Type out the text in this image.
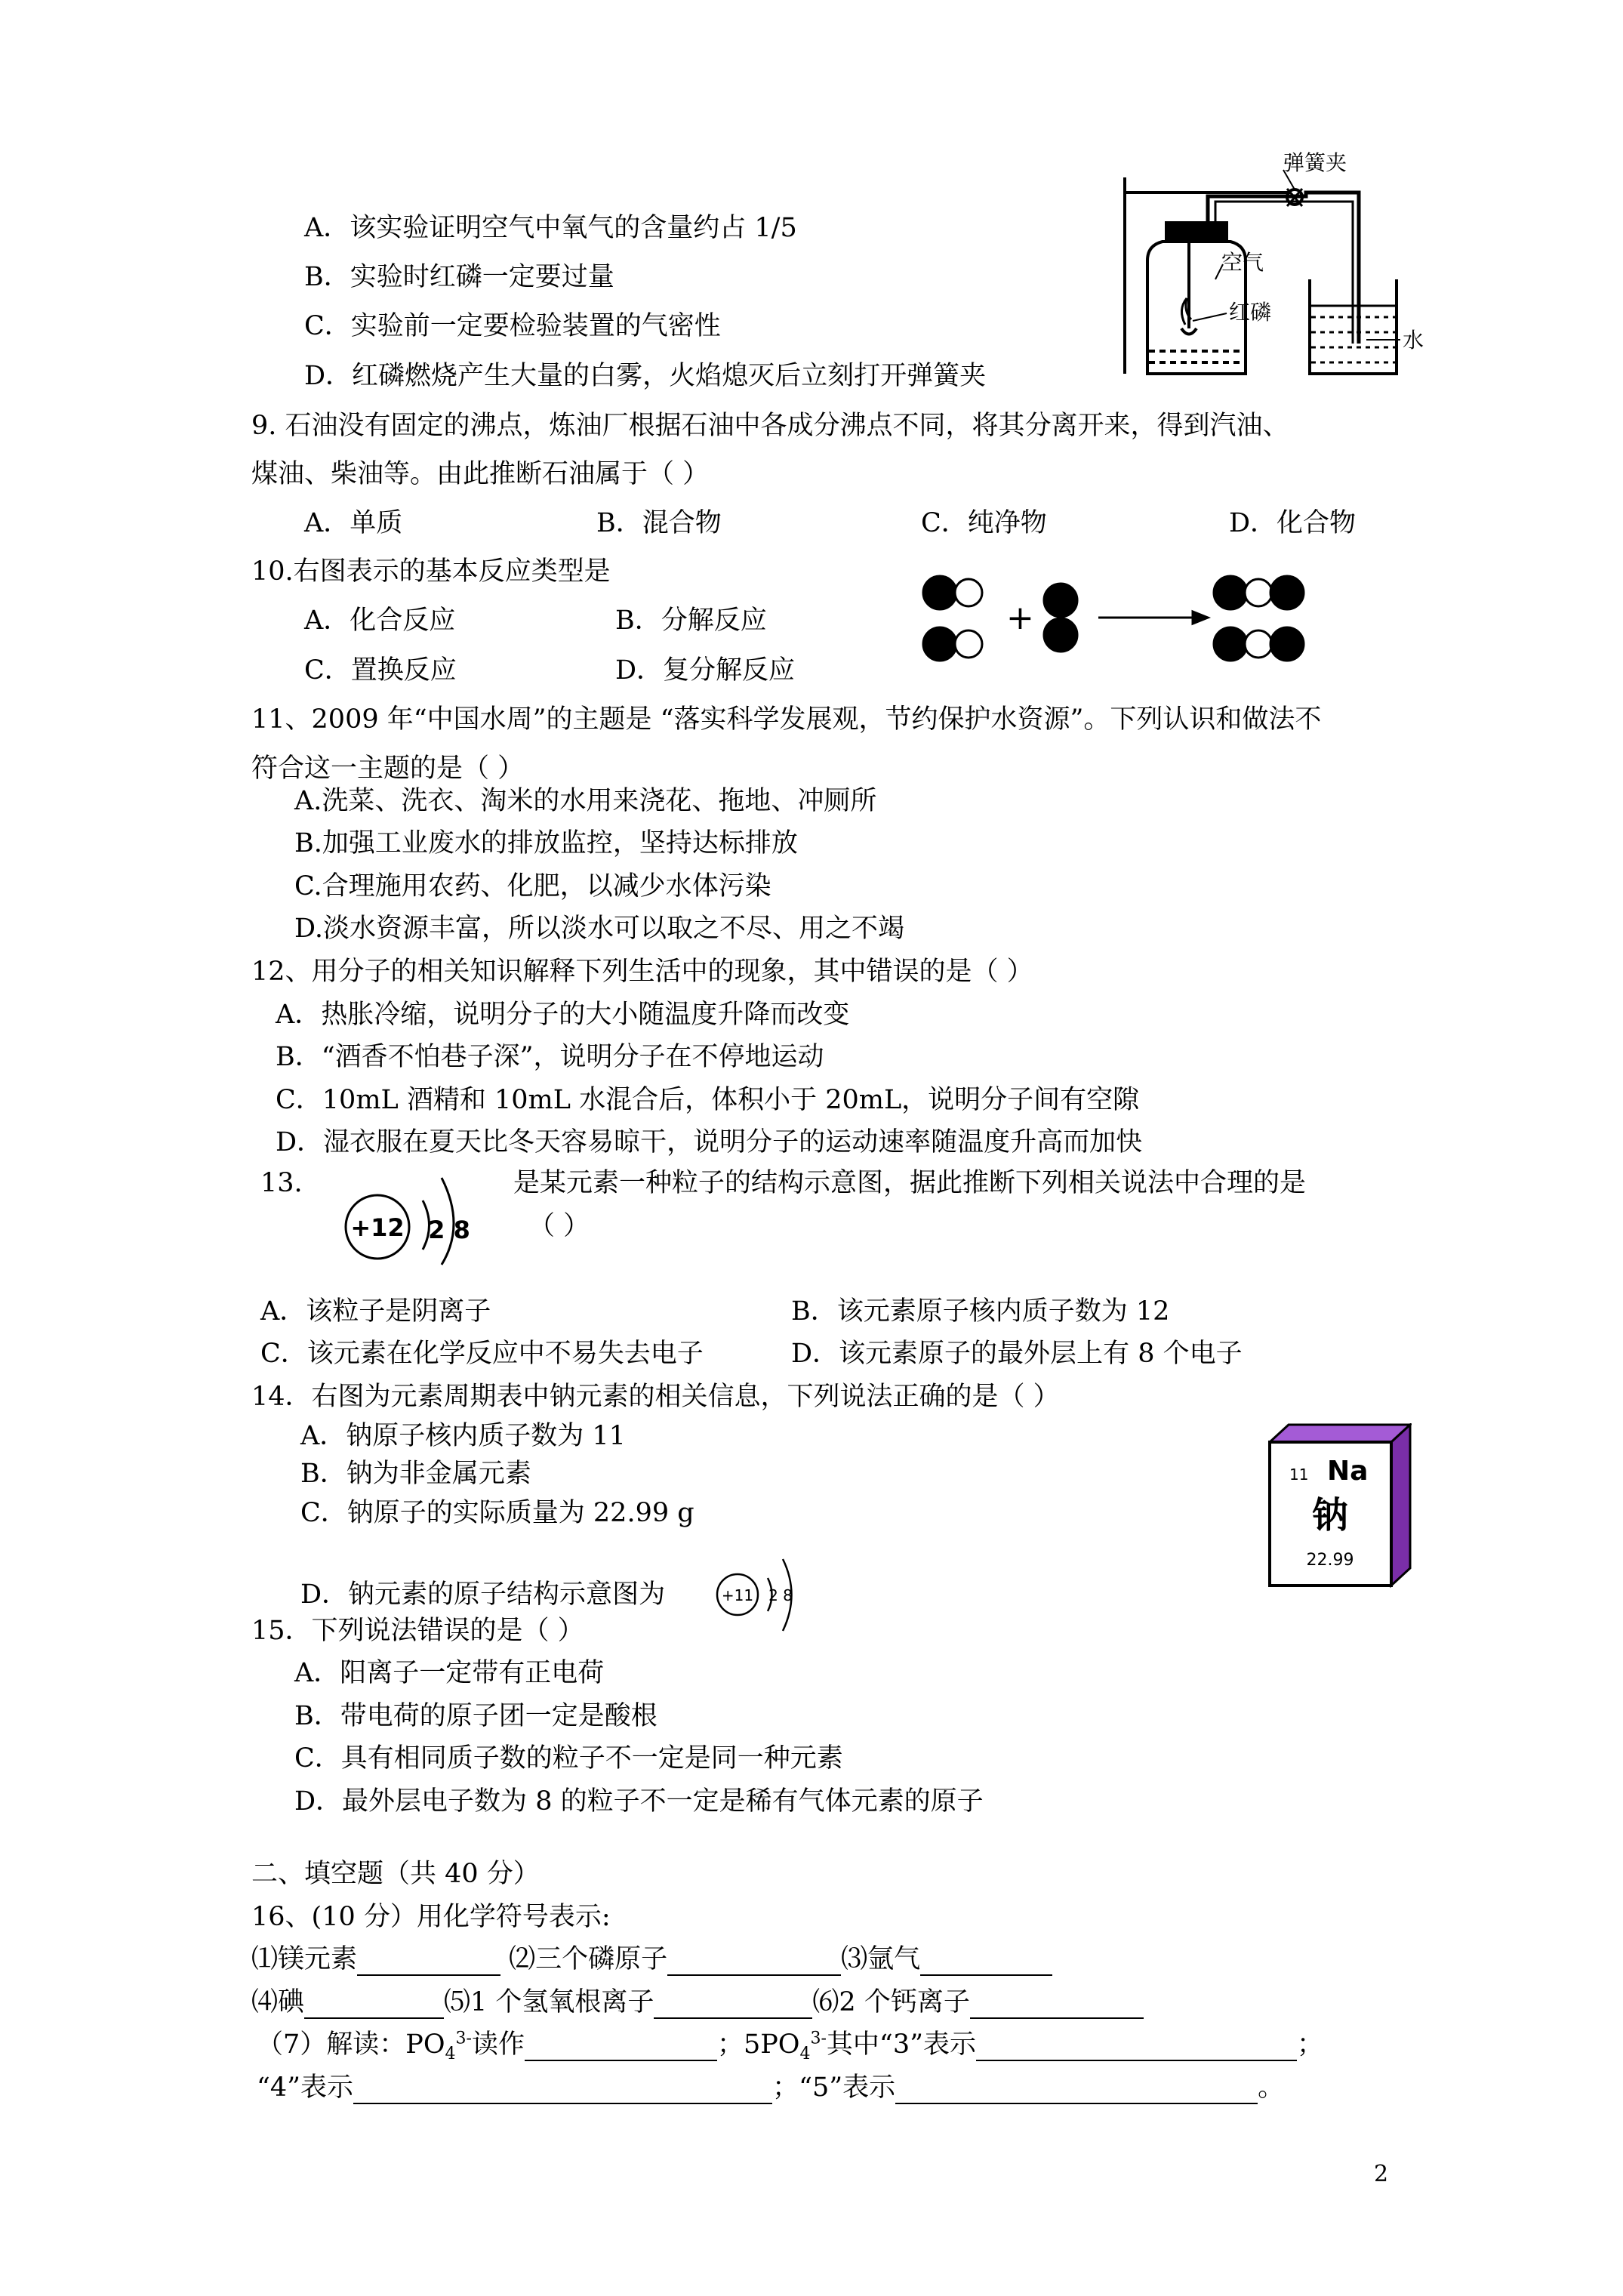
A．该实验证明空气中氧气的含量约占 1/5
B．实验时红磷一定要过量
C．实验前一定要检验装置的气密性
D．红磷燃烧产生大量的白雾，火焰熄灭后立刻打开弹簧夹
弹簧夹
空气
红磷
水
9. 石油没有固定的沸点，炼油厂根据石油中各成分沸点不同，将其分离开来，得到汽油、
煤油、柴油等。由此推断石油属于（ ）
A．单质	B．混合物	C．纯净物	D．化合物
10.右图表示的基本反应类型是
A．化合反应	B．分解反应
C．置换反应	D．复分解反应
+
11、2009 年“中国水周”的主题是 “落实科学发展观，节约保护水资源”。下列认识和做法不
符合这一主题的是（ ）
A.洗菜、洗衣、淘米的水用来浇花、拖地、冲厕所
B.加强工业废水的排放监控，坚持达标排放
C.合理施用农药、化肥，以减少水体污染
D.淡水资源丰富，所以淡水可以取之不尽、用之不竭
12、用分子的相关知识解释下列生活中的现象，其中错误的是（ ）
A．热胀冷缩，说明分子的大小随温度升降而改变
B．“酒香不怕巷子深”，说明分子在不停地运动
C．10mL 酒精和 10mL 水混合后，体积小于 20mL，说明分子间有空隙
D．湿衣服在夏天比冬天容易晾干，说明分子的运动速率随温度升高而加快
13.	是某元素一种粒子的结构示意图，据此推断下列相关说法中合理的是
（ ）
+12 2 8
A．该粒子是阴离子	B．该元素原子核内质子数为 12
C．该元素在化学反应中不易失去电子	D．该元素原子的最外层上有 8 个电子
14．右图为元素周期表中钠元素的相关信息，下列说法正确的是（ ）
A．钠原子核内质子数为 11
B．钠为非金属元素
C．钠原子的实际质量为 22.99 g
D．钠元素的原子结构示意图为	+11 2 8
11 Na
钠
22.99
15．下列说法错误的是（ ）
A．阳离子一定带有正电荷
B．带电荷的原子团一定是酸根
C．具有相同质子数的粒子不一定是同一种元素
D．最外层电子数为 8 的粒子不一定是稀有气体元素的原子
二、填空题（共 40 分）
16、(10 分）用化学符号表示:
⑴镁元素	⑵三个磷原子	⑶氩气
⑷碘	⑸1 个氢氧根离子	⑹2 个钙离子
（7）解读：$PO_4^{3-}$读作	；$5PO_4^{3-}$其中“3”表示	；
“4”表示	；“5”表示	。
2
